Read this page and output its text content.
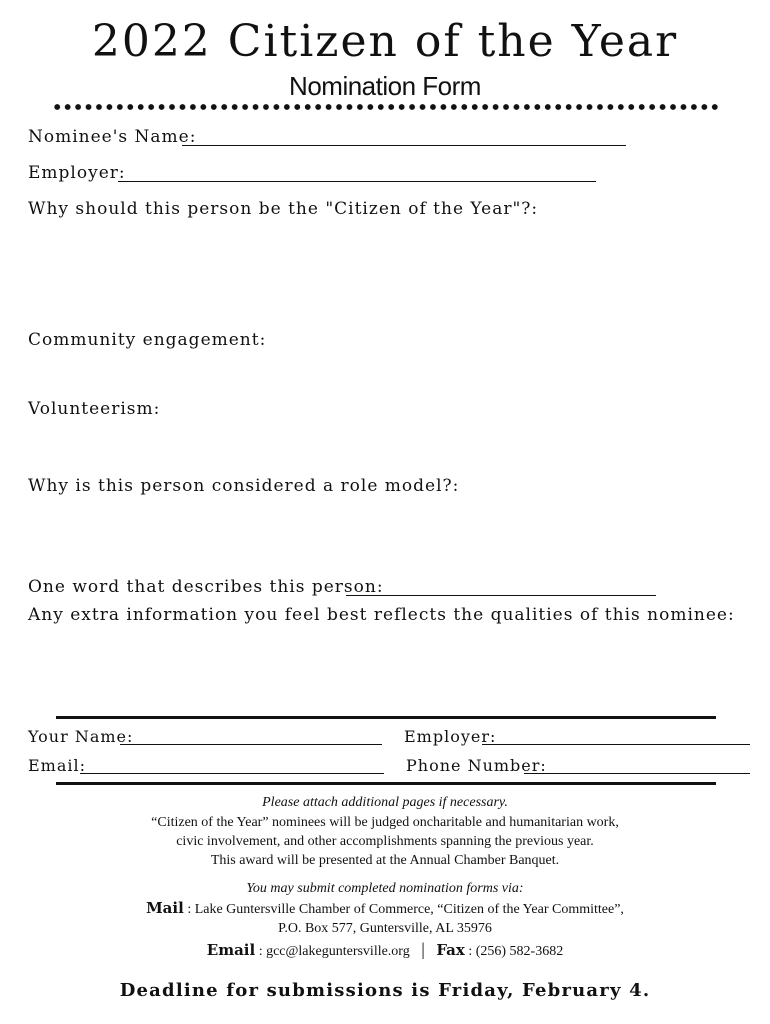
2022 Citizen of the Year
Nomination Form
Nominee's Name:
Employer:
Why should this person be the "Citizen of the Year"?:
Community engagement:
Volunteerism:
Why is this person considered a role model?:
One word that describes this person:
Any extra information you feel best reflects the qualities of this nominee:
Your Name:	Employer:
Email:	Phone Number:
Please attach additional pages if necessary.
“Citizen of the Year” nominees will be judged oncharitable and humanitarian work,
civic involvement, and other accomplishments spanning the previous year.
This award will be presented at the Annual Chamber Banquet.
You may submit completed nomination forms via:
Mail : Lake Guntersville Chamber of Commerce, “Citizen of the Year Committee”,
P.O. Box 577, Guntersville, AL 35976
Email : gcc@lakeguntersville.org | Fax : (256) 582-3682
Deadline for submissions is Friday, February 4.
